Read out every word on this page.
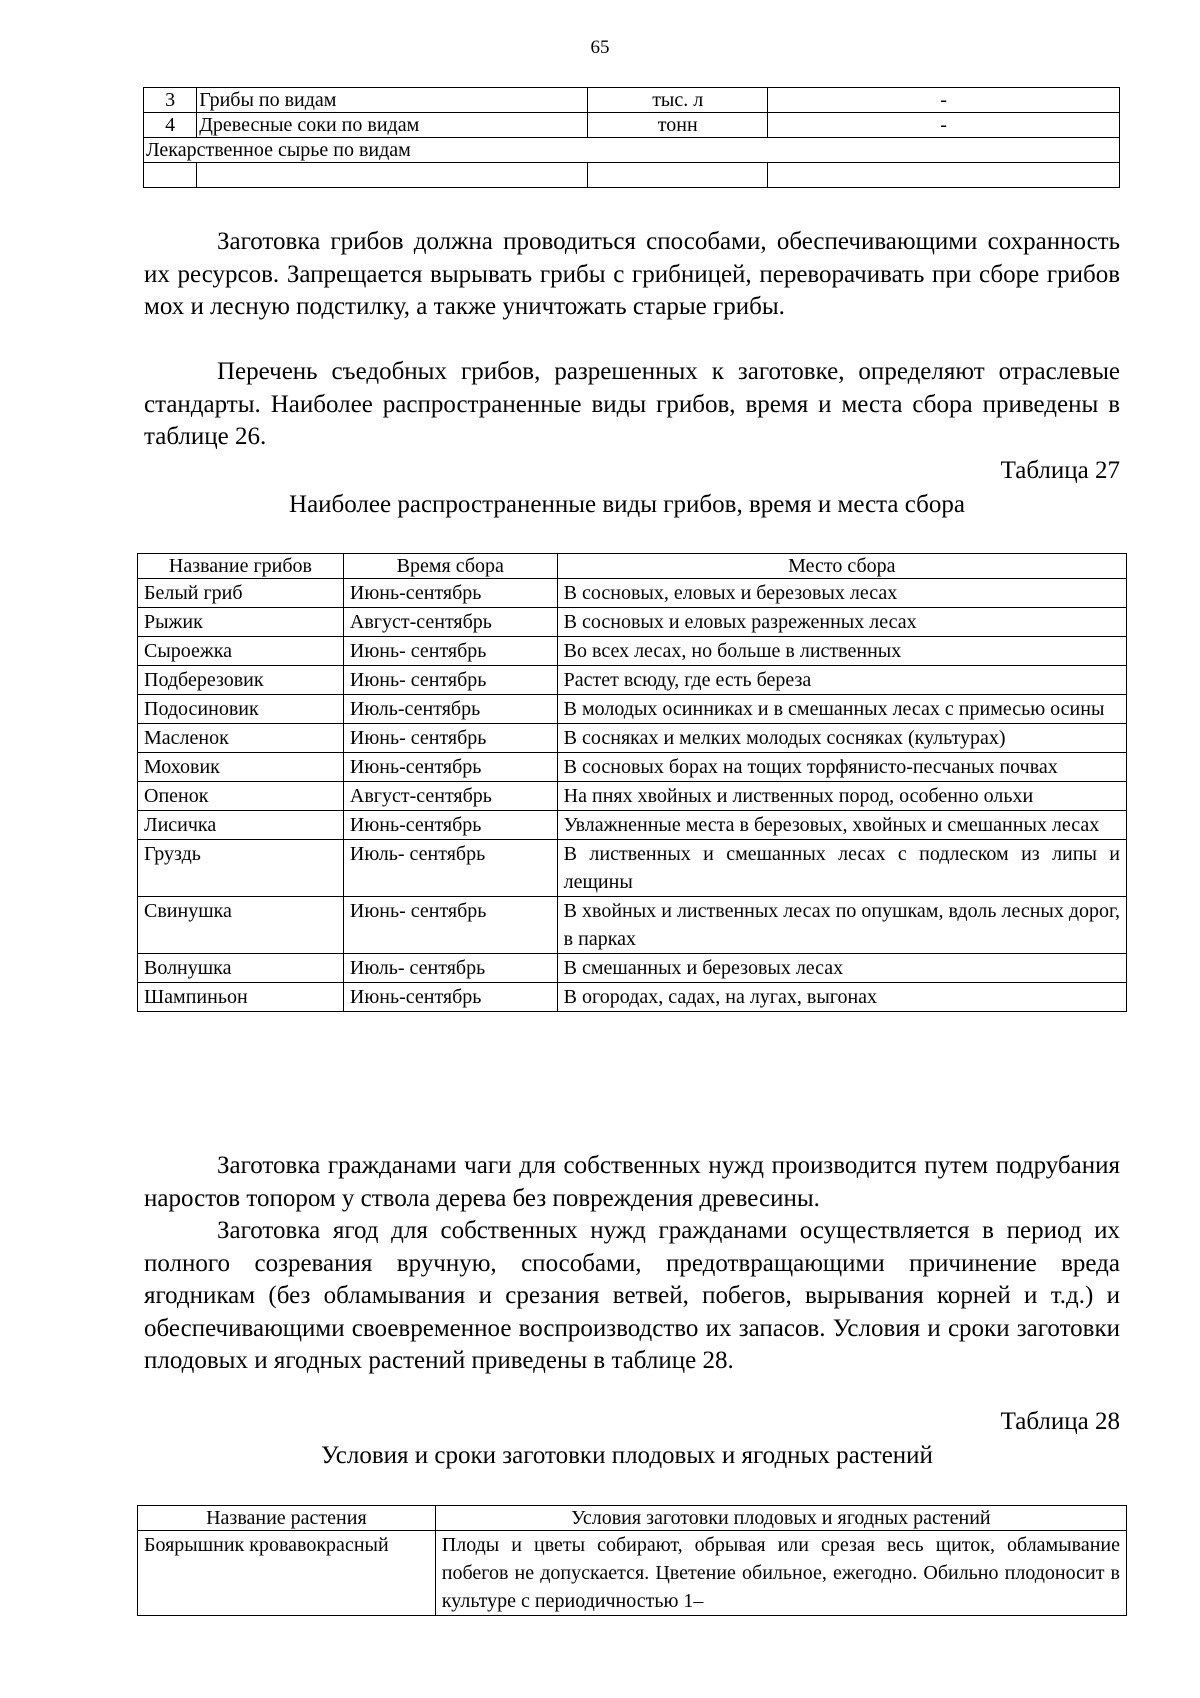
65
3	Грибы по видам	тыс. л	-
4	Древесные соки по видам	тонн	-
Лекарственное сырье по видам			

Заготовка грибов должна проводиться способами, обеспечивающими сохранность их ресурсов. Запрещается вырывать грибы с грибницей, переворачивать при сборе грибов мох и лесную подстилку, а также уничтожать старые грибы.

Перечень съедобных грибов, разрешенных к заготовке, определяют отраслевые стандарты. Наиболее распространенные виды грибов, время и места сбора приведены в таблице 26.

Таблица 27
Наиболее распространенные виды грибов, время и места сбора
Название грибов	Время сбора	Место сбора
Белый гриб	Июнь-сентябрь	В сосновых, еловых и березовых лесах
Рыжик	Август-сентябрь	В сосновых и еловых разреженных лесах
Сыроежка	Июнь- сентябрь	Во всех лесах, но больше в лиственных
Подберезовик	Июнь- сентябрь	Растет всюду, где есть береза
Подосиновик	Июль-сентябрь	В молодых осинниках и в смешанных лесах с примесью осины
Масленок	Июнь- сентябрь	В сосняках и мелких молодых сосняках (культурах)
Моховик	Июнь-сентябрь	В сосновых борах на тощих торфянисто-песчаных почвах
Опенок	Август-сентябрь	На пнях хвойных и лиственных пород, особенно ольхи
Лисичка	Июнь-сентябрь	Увлажненные места в березовых, хвойных и смешанных лесах
Груздь	Июль- сентябрь	В лиственных и смешанных лесах с подлеском из липы и лещины
Свинушка	Июнь- сентябрь	В хвойных и лиственных лесах по опушкам, вдоль лесных дорог, в парках
Волнушка	Июль- сентябрь	В смешанных и березовых лесах
Шампиньон	Июнь-сентябрь	В огородах, садах, на лугах, выгонах

Заготовка гражданами чаги для собственных нужд производится путем подрубания наростов топором у ствола дерева без повреждения древесины.

Заготовка ягод для собственных нужд гражданами осуществляется в период их полного созревания вручную, способами, предотвращающими причинение вреда ягодникам (без обламывания и срезания ветвей, побегов, вырывания корней и т.д.) и обеспечивающими своевременное воспроизводство их запасов. Условия и сроки заготовки плодовых и ягодных растений приведены в таблице 28.

Таблица 28
Условия и сроки заготовки плодовых и ягодных растений
Название растения	Условия заготовки плодовых и ягодных растений
Боярышник кровавокрасный	Плоды и цветы собирают, обрывая или срезая весь щиток, обламывание побегов не допускается. Цветение обильное, ежегодно. Обильно плодоносит в культуре с периодичностью 1–
